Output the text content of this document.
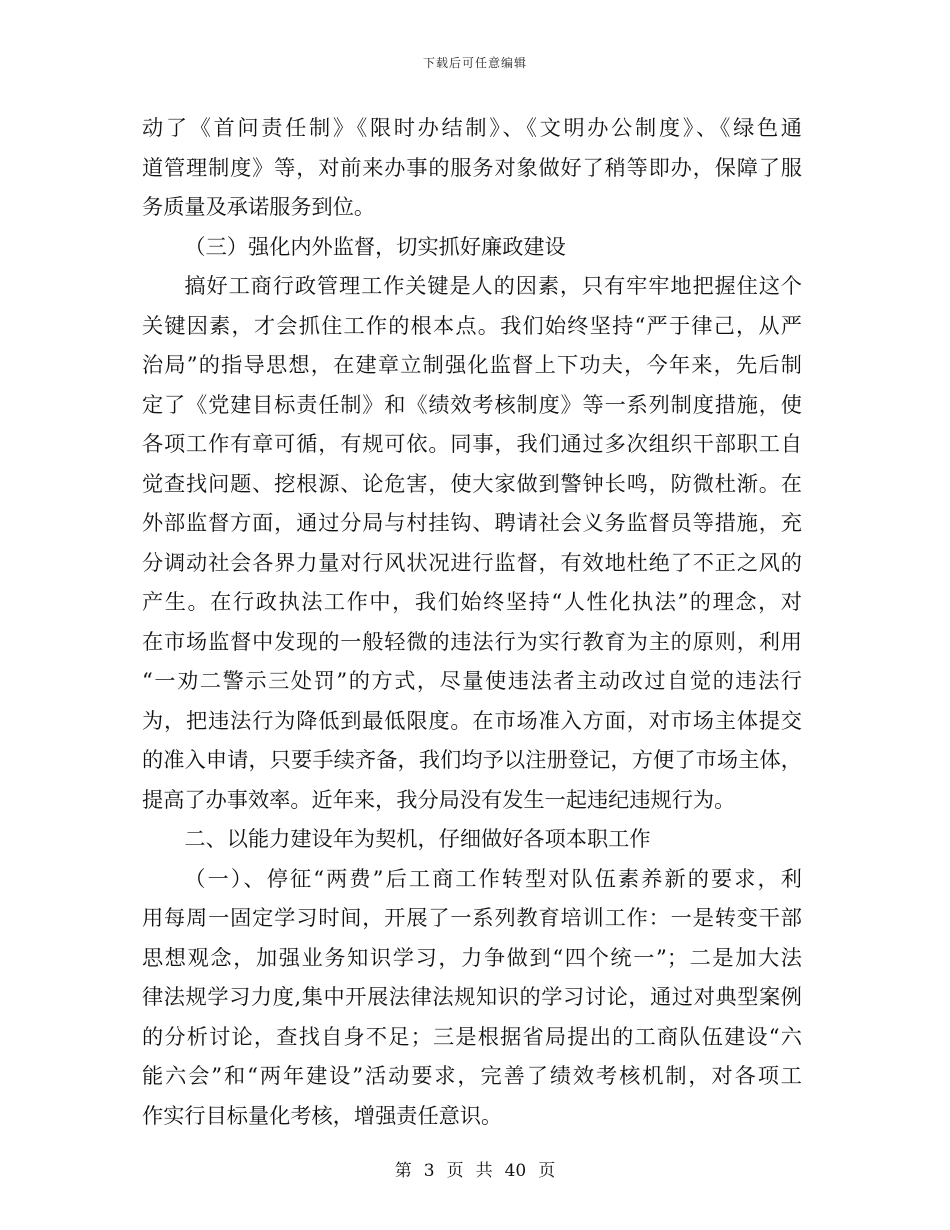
下载后可任意编辑
动了《首问责任制》《限时办结制》、《文明办公制度》、《绿色通
道管理制度》等，对前来办事的服务对象做好了稍等即办，保障了服
务质量及承诺服务到位。
（三）强化内外监督，切实抓好廉政建设
搞好工商行政管理工作关键是人的因素，只有牢牢地把握住这个
关键因素，才会抓住工作的根本点。我们始终坚持“严于律己，从严
治局”的指导思想，在建章立制强化监督上下功夫，今年来，先后制
定了《党建目标责任制》和《绩效考核制度》等一系列制度措施，使
各项工作有章可循，有规可依。同事，我们通过多次组织干部职工自
觉查找问题、挖根源、论危害，使大家做到警钟长鸣，防微杜渐。在
外部监督方面，通过分局与村挂钩、聘请社会义务监督员等措施，充
分调动社会各界力量对行风状况进行监督，有效地杜绝了不正之风的
产生。在行政执法工作中，我们始终坚持“人性化执法”的理念，对
在市场监督中发现的一般轻微的违法行为实行教育为主的原则，利用
“一劝二警示三处罚”的方式，尽量使违法者主动改过自觉的违法行
为，把违法行为降低到最低限度。在市场准入方面，对市场主体提交
的准入申请，只要手续齐备，我们均予以注册登记，方便了市场主体，
提高了办事效率。近年来，我分局没有发生一起违纪违规行为。
二、以能力建设年为契机，仔细做好各项本职工作
（一）、停征“两费”后工商工作转型对队伍素养新的要求，利
用每周一固定学习时间，开展了一系列教育培训工作：一是转变干部
思想观念，加强业务知识学习，力争做到“四个统一”；二是加大法
律法规学习力度,集中开展法律法规知识的学习讨论，通过对典型案例
的分析讨论，查找自身不足；三是根据省局提出的工商队伍建设“六
能六会”和“两年建设”活动要求，完善了绩效考核机制，对各项工
作实行目标量化考核，增强责任意识。
第 3 页 共 40 页
